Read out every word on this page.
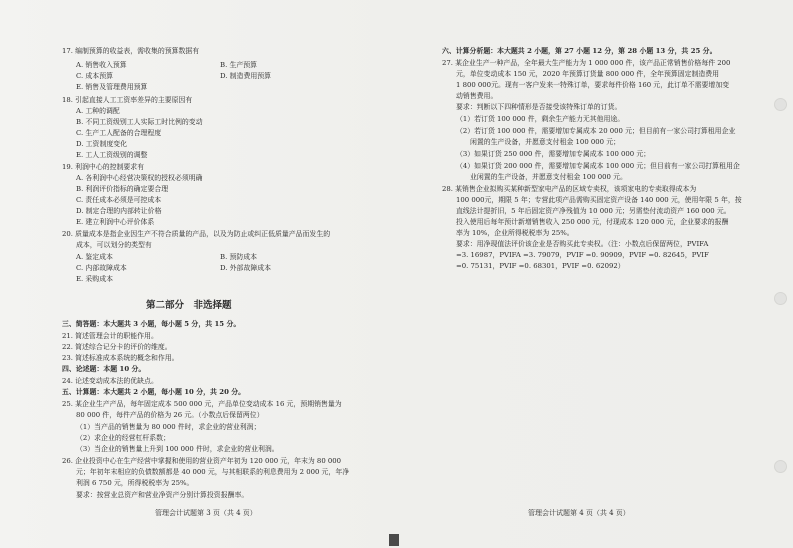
17. 编制预算的收益表，需收集的预算数据有
A. 销售收入预算	B. 生产预算
C. 成本预算	D. 制造费用预算
E. 销售及管理费用预算
18. 引起直接人工工资率差异的主要原因有
A. 工种的调配
B. 不同工资级别工人实际工时比例的变动
C. 生产工人配备的合理程度
D. 工资制度变化
E. 工人工资级别的调整
19. 利润中心的控制要求有
A. 各利润中心经营决策权的授权必须明确
B. 利润评价指标的确定要合理
C. 责任成本必须是可控成本
D. 制定合理的内部转让价格
E. 建立利润中心评价体系
20. 质量成本是指企业因生产不符合质量的产品，以及为防止或纠正低质量产品而发生的
成本，可以划分的类型有
A. 鉴定成本	B. 预防成本
C. 内部故障成本	D. 外部故障成本
E. 采购成本
第二部分　非选择题
三、简答题：本大题共 3 小题，每小题 5 分，共 15 分。
21. 简述管理会计的职能作用。
22. 简述综合记分卡的评价的维度。
23. 简述标准成本系统的概念和作用。
四、论述题：本题 10 分。
24. 论述变动成本法的优缺点。
五、计算题：本大题共 2 小题，每小题 10 分，共 20 分。
25. 某企业生产产品，每年固定成本 500 000 元，产品单位变动成本 16 元，预期销售量为
80 000 件，每件产品的价格为 26 元。（小数点后保留两位）
（1）当产品的销售量为 80 000 件时，求企业的营业利润；
（2）求企业的经营杠杆系数；
（3）当企业的销售量上升到 100 000 件时，求企业的营业利润。
26. 企业投资中心在生产经营中掌握和使用的营业资产年初为 120 000 元，年末为 80 000
元；年初年末相应的负债数额都是 40 000 元，与其相联系的利息费用为 2 000 元，年净
利润 6 750 元，所得税税率为 25%。
要求：按营业总资产和营业净资产分别计算投资报酬率。
管理会计试题第 3 页（共 4 页）
六、计算分析题：本大题共 2 小题，第 27 小题 12 分，第 28 小题 13 分，共 25 分。
27. 某企业生产一种产品，全年最大生产能力为 1 000 000 件，该产品正常销售价格每件 200
元，单位变动成本 150 元，2020 年预算订货量 800 000 件，全年预算固定制造费用
1 800 000元。现有一客户发来一特殊订单，要求每件价格 160 元，此订单不需要增加变
动销售费用。
要求：判断以下四种情形是否接受该特殊订单的订货。
（1）若订货 100 000 件，剩余生产能力无其他用途。
（2）若订货 100 000 件，需要增加专属成本 20 000 元；但目前有一家公司打算租用企业
闲置的生产设备，并愿意支付租金 100 000 元；
（3）如果订货 250 000 件，需要增加专属成本 100 000 元；
（4）如果订货 200 000 件，需要增加专属成本 100 000 元；但目前有一家公司打算租用企
业闲置的生产设备，并愿意支付租金 100 000 元。
28. 某销售企业拟购买某种新型家电产品的区域专卖权，该项家电的专卖取得成本为
100 000元，期限 5 年；专营此项产品需购买固定资产设备 140 000 元，使用年限 5 年，按
直线法计提折旧，5 年后固定资产净残值为 10 000 元；另需垫付流动资产 160 000 元。
投入使用后每年预计新增销售收入 250 000 元，付现成本 120 000 元，企业要求的报酬
率为 10%，企业所得税税率为 25%。
要求：用净现值法评价该企业是否购买此专卖权。（注：小数点后保留两位，PVIFA
=3. 16987，PVIFA =3. 79079，PVIF =0. 90909，PVIF =0. 82645，PVIF
=0. 75131，PVIF =0. 68301，PVIF =0. 62092）
管理会计试题第 4 页（共 4 页）
